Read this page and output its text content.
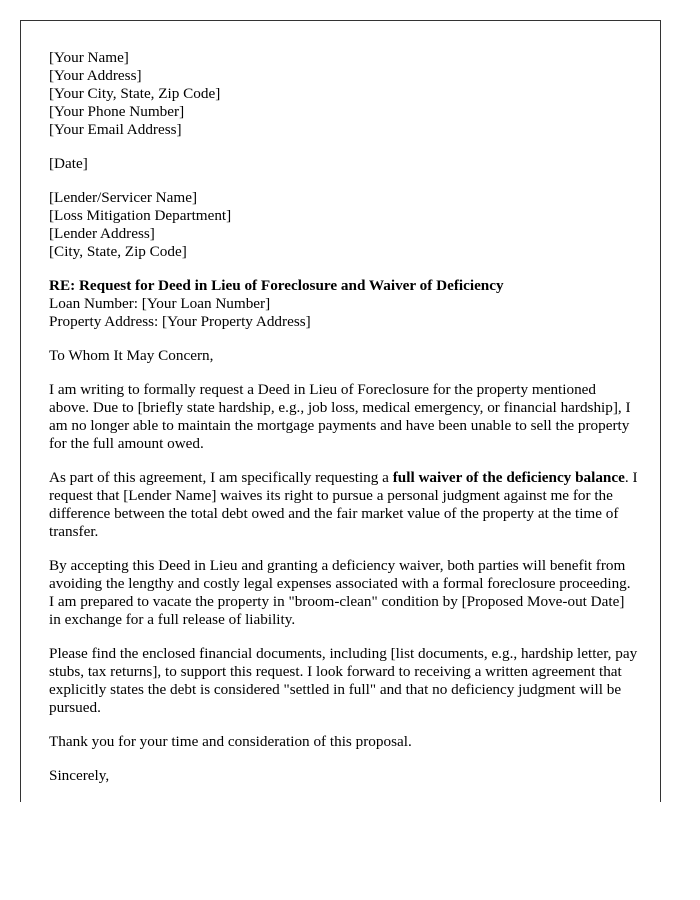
[Your Name]
[Your Address]
[Your City, State, Zip Code]
[Your Phone Number]
[Your Email Address]
[Date]
[Lender/Servicer Name]
[Loss Mitigation Department]
[Lender Address]
[City, State, Zip Code]
RE: Request for Deed in Lieu of Foreclosure and Waiver of Deficiency
Loan Number: [Your Loan Number]
Property Address: [Your Property Address]

To Whom It May Concern,

I am writing to formally request a Deed in Lieu of Foreclosure for the property mentioned above. Due to [briefly state hardship, e.g., job loss, medical emergency, or financial hardship], I am no longer able to maintain the mortgage payments and have been unable to sell the property for the full amount owed.

As part of this agreement, I am specifically requesting a full waiver of the deficiency balance. I request that [Lender Name] waives its right to pursue a personal judgment against me for the difference between the total debt owed and the fair market value of the property at the time of transfer.

By accepting this Deed in Lieu and granting a deficiency waiver, both parties will benefit from avoiding the lengthy and costly legal expenses associated with a formal foreclosure proceeding. I am prepared to vacate the property in "broom-clean" condition by [Proposed Move-out Date] in exchange for a full release of liability.

Please find the enclosed financial documents, including [list documents, e.g., hardship letter, pay stubs, tax returns], to support this request. I look forward to receiving a written agreement that explicitly states the debt is considered "settled in full" and that no deficiency judgment will be pursued.

Thank you for your time and consideration of this proposal.

Sincerely,
